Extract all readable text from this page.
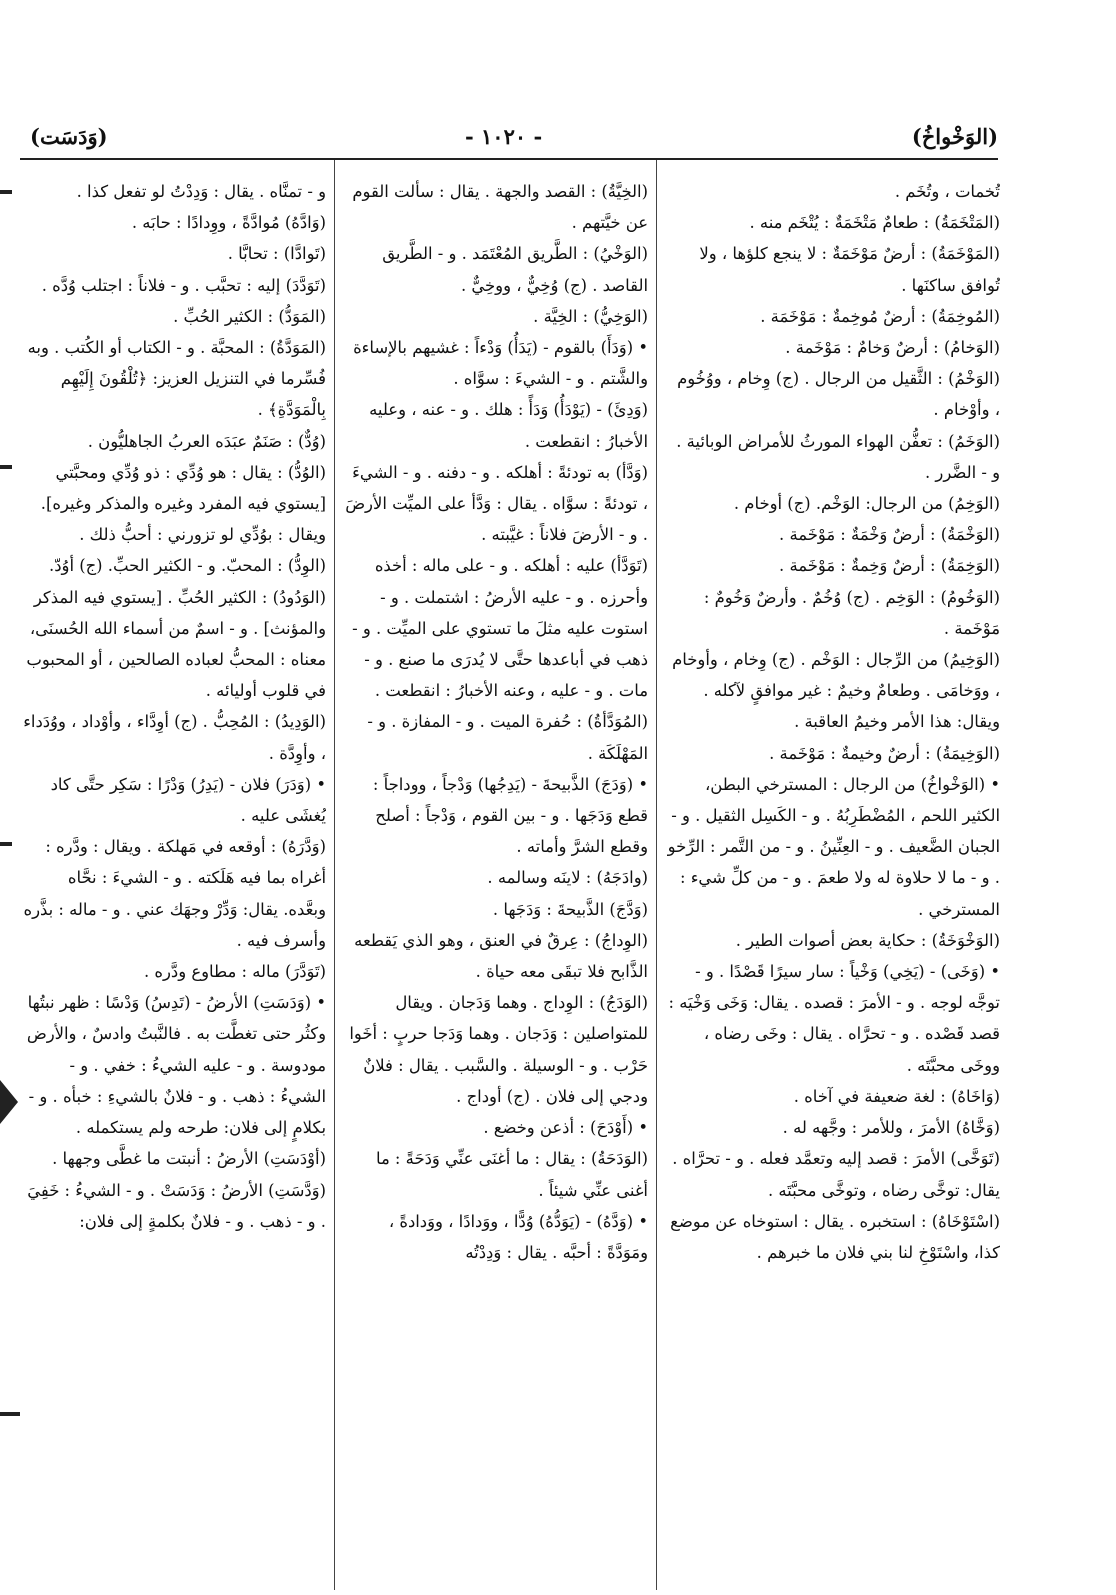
(وَدَسَت)	- ١٠٢٠ -	(الوَخْواخُ)

تُخمات ، وتُخَم .

(المَتْخَمَةُ) : طعامٌ مَتْخَمَةٌ : يُتْخَم منه .

(المَوْخَمَةُ) : أرضٌ مَوْخَمَةٌ : لا ينجع كلؤها ، ولا تُوافق ساكنَها .

(المُوخِمَةُ) : أرضٌ مُوخِمةٌ : مَوْخَمَة .

(الوَخامُ) : أرضٌ وَخامٌ : مَوْخَمة .

(الوَخْمُ) : الثَّقيل من الرجال . (ج) وِخام ، ووُخُوم ، وأوْخام .

(الوَخَمُ) : تعفُّن الهواء المورثُ للأمراض الوبائية . و - الضَّرر .

(الوَخِمُ) من الرجال: الوَخْم. (ج) أوخام .

(الوَخْمَةُ) : أرضٌ وَخْمَةٌ : مَوْخَمة .

(الوَخِمَةُ) : أرضٌ وَخِمةٌ : مَوْخَمة .

(الوَخُومُ) : الوَخِم . (ج) وُخُمٌ . وأرضٌ وَخُومٌ : مَوْخَمة .

(الوَخِيمُ) من الرِّجال : الوَخْم . (ج) وِخام ، وأوخام ، ووَخامَى . وطعامٌ وخيمٌ : غير موافقٍ لآكله . ويقال: هذا الأمر وخيمُ العاقبة .

(الوَخِيمَةُ) : أرضٌ وخيمةٌ : مَوْخَمة .

• (الوَخْواخُ) من الرجال : المسترخي البطن، الكثير اللحم ، المُضْطَرِبُهُ . و - الكَسِل الثقيل . و - الجبان الضَّعيف . و - العِنِّينُ . و - من التَّمر : الرِّخو . و - ما لا حلاوة له ولا طعمَ . و - من كلِّ شيء : المسترخي .

(الوَخْوَخَةُ) : حكاية بعض أصوات الطير .

• (وَخَى) - (يَخِي) وَخْياً : سار سيرًا قَصْدًا . و - توجَّه لوجه . و - الأمرَ : قصده . يقال: وَخَى وَخْيَه : قصد قَصْده . و - تحرَّاه . يقال : وخَى رضاه ، ووخَى محبَّتَه .

(وَاخَاهُ) : لغة ضعيفة في آخاه .

(وَخَّاهُ) الأمرَ ، وللأمر : وجَّهه له .

(تَوَخَّى) الأمرَ : قصد إليه وتعمَّد فعله . و - تحرَّاه . يقال: توخَّى رضاه ، وتوخَّى محبَّتَه .

(اسْتَوْخَاهُ) : استخبره . يقال : استوخاه عن موضع كذا، واسْتَوْخِ لنا بني فلان ما خبرهم .

(الخِيَّةُ) : القصد والجهة . يقال : سألت القوم عن خيَّتهم .

(الوَخْيُ) : الطَّريق المُعْتَمَد . و - الطَّريق القاصد . (ج) وُخِيٌّ ، ووخِيٌّ .

(الوَخِيُّ) : الخِيَّة .

• (وَدَأَ) بالقوم - (يَدَأُ) وَدْءاً : غشيهم بالإساءة والشَّتم . و - الشيءَ : سوَّاه .

(وَدِئَ) - (يَوْدَأُ) وَدَأً : هلك . و - عنه ، وعليه الأخبارُ : انقطعت .

(وَدَّأ) به تودئةً : أهلكه . و - دفنه . و - الشيءَ ، تودئةً : سوَّاه . يقال : وَدَّأ على الميِّت الأرضَ . و - الأرضَ فلاناً : غيَّبته .

(تَوَدَّأ) عليه : أهلكه . و - على ماله : أخذه وأحرزه . و - عليه الأرضُ : اشتملت . و - استوت عليه مثلَ ما تستوي على الميِّت . و - ذهب في أباعدها حتَّى لا يُدرَى ما صنع . و - مات . و - عليه ، وعنه الأخبارُ : انقطعت .

(المُوَدَّأةُ) : حُفرة الميت . و - المفازة . و - المَهْلَكَة .

• (وَدَجَ) الذَّبيحةَ - (يَدِجُها) وَدْجاً ، ووداجاً : قطع وَدَجَها . و - بين القوم ، وَدْجاً : أصلح وقطع الشرَّ وأماته .

(وادَجَهُ) : لاينَه وسالمه .

(وَدَّجَ) الذَّبيحةَ : وَدَجَها .

(الوِداجُ) : عِرقٌ في العنق ، وهو الذي يَقطعه الذَّابح فلا تبقَى معه حياة .

(الوَدَجُ) : الوِداج . وهما وَدَجان . ويقال للمتواصلين : وَدَجان . وهما وَدَجا حربٍ : أخَوا حَرْب . و - الوسيلة . والسَّبب . يقال : فلانٌ ودجي إلى فلان . (ج) أوداج .

• (أَوْدَحَ) : أذعن وخضع .

(الوَدَحَةُ) : يقال : ما أغنَى عنِّي وَدَحَةً : ما أغنى عنِّي شيئاً .

• (وَدَّهُ) - (يَوَدُّهُ) وُدًّا ، ووَدادًا ، ووَدادةً ، ومَوَدَّةً : أحبَّه . يقال : وَدِدْتُه

و - تمنَّاه . يقال : وَدِدْتُ لو تفعل كذا .

(وَادَّهُ) مُوادَّةً ، ووِدادًا : حابَه .

(تَوادَّا) : تحابَّا .

(تَوَدَّدَ) إليه : تحبَّب . و - فلاناً : اجتلب وُدَّه .

(المَوَدُّ) : الكثير الحُبِّ .

(المَوَدَّةُ) : المحبَّة . و - الكتاب أو الكُتب . وبه فُسِّرما في التنزيل العزيز: ﴿تُلْقُونَ إِلَيْهِم بِالْمَوَدَّةِ﴾ .

(وُدٌّ) : صَنَمٌ عبَدَه العربُ الجاهليُّون .

(الوُدُّ) : يقال : هو وُدِّي : ذو وُدِّي ومحبَّتي [يستوي فيه المفرد وغيره والمذكر وغيره]. ويقال : بوُدِّي لو تزورني : أحبُّ ذلك .

(الوِدُّ) : المحبّ. و - الكثير الحبِّ. (ج) أوُدّ.

(الوَدُودُ) : الكثير الحُبِّ . [يستوي فيه المذكر والمؤنث] . و - اسمٌ من أسماء الله الحُسنَى، معناه : المحبُّ لعباده الصالحين ، أو المحبوب في قلوب أوليائه .

(الوَدِيدُ) : المُحِبُّ . (ج) أوِدَّاء ، وأوْداد ، ووُدَداء ، وأوِدَّة .

• (وَدَرَ) فلان - (يَدِرُ) وَدْرًا : سَكِر حتَّى كاد يُغشَى عليه .

(وَدَّرَهُ) : أوقعه في مَهلكة . ويقال : ودَّره : أغراه بما فيه هَلَكته . و - الشيءَ : نحَّاه وبعَّده. يقال: وَدِّرْ وجهَك عني . و - ماله : بذَّره وأسرف فيه .

(تَوَدَّرَ) ماله : مطاوع ودَّره .

• (وَدَسَتِ) الأرضُ - (تَدِسُ) وَدْسًا : ظهر نبتُها وكثُر حتى تغطَّت به . فالنَّبتُ وادسٌ ، والأرض مودوسة . و - عليه الشيءُ : خفي . و - الشيءُ : ذهب . و - فلانٌ بالشيءِ : خبأه . و - بكلامٍ إلى فلان: طرحه ولم يستكمله .

(أوْدَسَتِ) الأرضُ : أنبتت ما غطَّى وجهها .

(وَدَّسَتِ) الأرضُ : وَدَسَتْ . و - الشيءُ : خَفِيَ . و - ذهب . و - فلانٌ بكلمةٍ إلى فلان:
